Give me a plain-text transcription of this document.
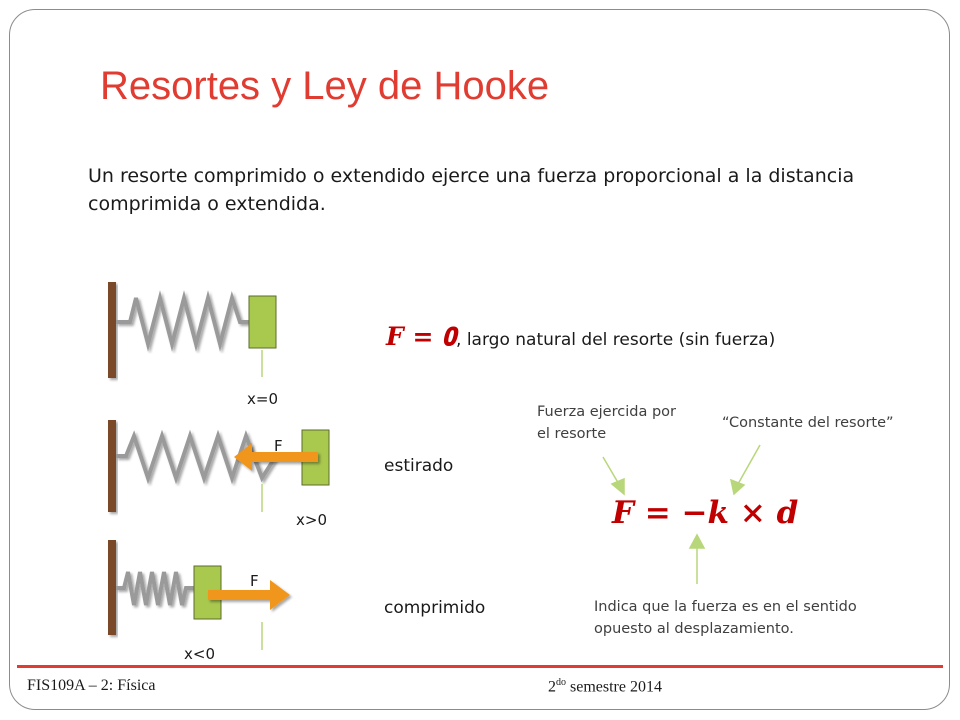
Resortes y Ley de Hooke
Un resorte comprimido o extendido ejerce una fuerza proporcional a la distancia comprimida o extendida.
x=0
F
x>0
F
x<0
𝑭 = 𝟎, largo natural del resorte (sin fuerza)
estirado
comprimido
Fuerza ejercida por el resorte
“Constante del resorte”
𝑭 = −𝒌 × 𝒅
Indica que la fuerza es en el sentido opuesto al desplazamiento.
FIS109A – 2: Física	$2^{do}$ semestre 2014
